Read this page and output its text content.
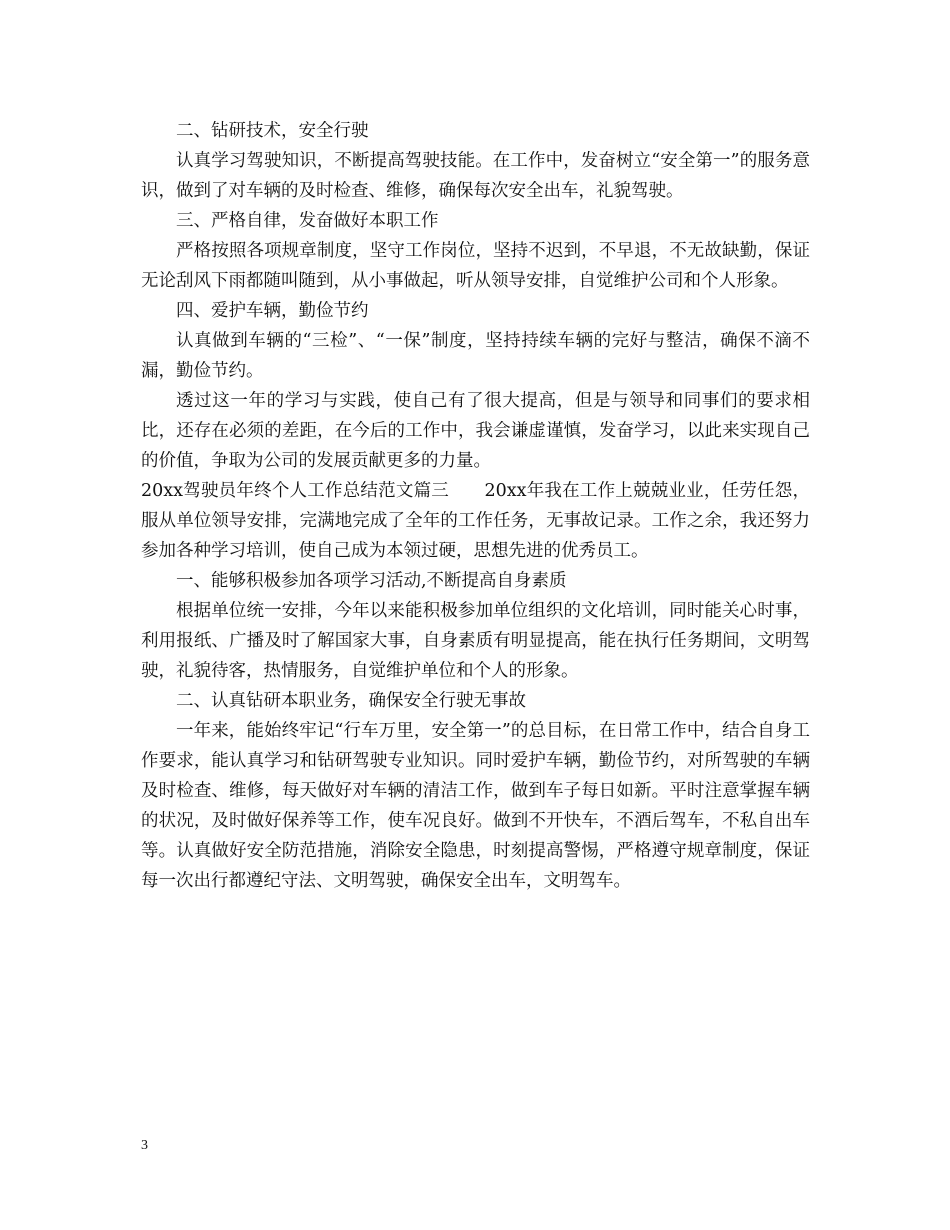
二、钻研技术，安全行驶

认真学习驾驶知识，不断提高驾驶技能。在工作中，发奋树立“安全第一”的服务意识，做到了对车辆的及时检查、维修，确保每次安全出车，礼貌驾驶。

三、严格自律，发奋做好本职工作

严格按照各项规章制度，坚守工作岗位，坚持不迟到，不早退，不无故缺勤，保证无论刮风下雨都随叫随到，从小事做起，听从领导安排，自觉维护公司和个人形象。

四、爱护车辆，勤俭节约

认真做到车辆的“三检”、“一保”制度，坚持持续车辆的完好与整洁，确保不滴不漏，勤俭节约。

透过这一年的学习与实践，使自己有了很大提高，但是与领导和同事们的要求相比，还存在必须的差距，在今后的工作中，我会谦虚谨慎，发奋学习，以此来实现自己的价值，争取为公司的发展贡献更多的力量。

20xx驾驶员年终个人工作总结范文篇三　　20xx年我在工作上兢兢业业，任劳任怨，服从单位领导安排，完满地完成了全年的工作任务，无事故记录。工作之余，我还努力参加各种学习培训，使自己成为本领过硬，思想先进的优秀员工。

一、能够积极参加各项学习活动,不断提高自身素质

根据单位统一安排，今年以来能积极参加单位组织的文化培训，同时能关心时事，利用报纸、广播及时了解国家大事，自身素质有明显提高，能在执行任务期间，文明驾驶，礼貌待客，热情服务，自觉维护单位和个人的形象。

二、认真钻研本职业务，确保安全行驶无事故

一年来，能始终牢记“行车万里，安全第一”的总目标，在日常工作中，结合自身工作要求，能认真学习和钻研驾驶专业知识。同时爱护车辆，勤俭节约，对所驾驶的车辆及时检查、维修，每天做好对车辆的清洁工作，做到车子每日如新。平时注意掌握车辆的状况，及时做好保养等工作，使车况良好。做到不开快车，不酒后驾车，不私自出车等。认真做好安全防范措施，消除安全隐患，时刻提高警惕，严格遵守规章制度，保证每一次出行都遵纪守法、文明驾驶，确保安全出车，文明驾车。

3
